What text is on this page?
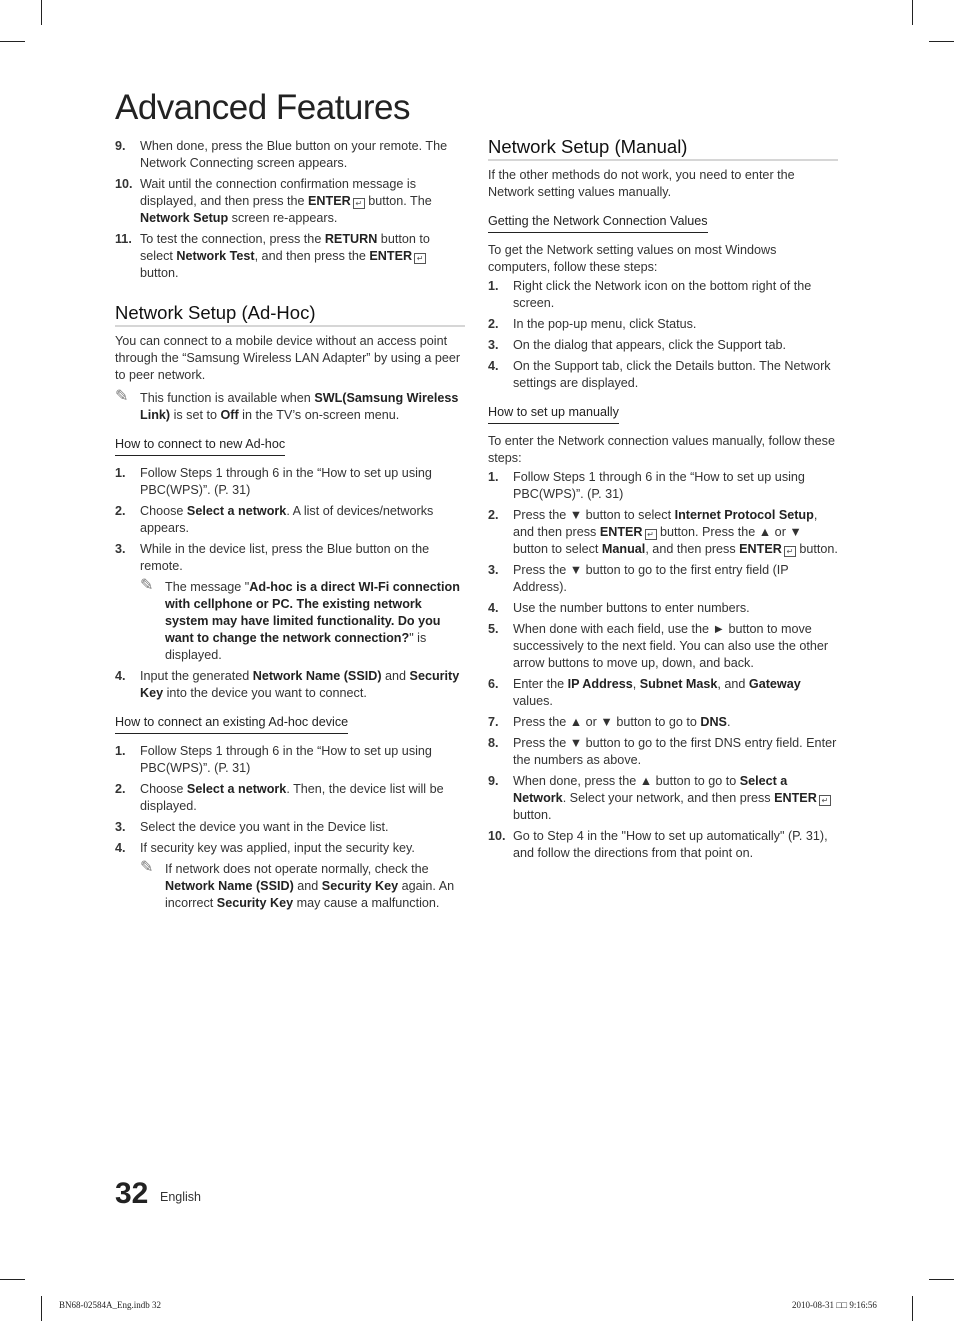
Advanced Features
9. When done, press the Blue button on your remote. The Network Connecting screen appears.
10. Wait until the connection confirmation message is displayed, and then press the ENTER ↵ button. The Network Setup screen re-appears.
11. To test the connection, press the RETURN button to select Network Test, and then press the ENTER ↵ button.
Network Setup (Ad-Hoc)

You can connect to a mobile device without an access point through the “Samsung Wireless LAN Adapter” by using a peer to peer network.

✎ This function is available when SWL(Samsung Wireless Link) is set to Off in the TV’s on-screen menu.
How to connect to new Ad-hoc
1. Follow Steps 1 through 6 in the “How to set up using PBC(WPS)”. (P. 31)
2. Choose Select a network. A list of devices/networks appears.
3. While in the device list, press the Blue button on the remote.
✎ The message "Ad-hoc is a direct WI-Fi connection with cellphone or PC. The existing network system may have limited functionality. Do you want to change the network connection?" is displayed.
4. Input the generated Network Name (SSID) and Security Key into the device you want to connect.
How to connect an existing Ad-hoc device
1. Follow Steps 1 through 6 in the “How to set up using PBC(WPS)”. (P. 31)
2. Choose Select a network. Then, the device list will be displayed.
3. Select the device you want in the Device list.
4. If security key was applied, input the security key.
✎ If network does not operate normally, check the Network Name (SSID) and Security Key again. An incorrect Security Key may cause a malfunction.
Network Setup (Manual)

If the other methods do not work, you need to enter the Network setting values manually.

Getting the Network Connection Values

To get the Network setting values on most Windows computers, follow these steps:

1. Right click the Network icon on the bottom right of the screen.
2. In the pop-up menu, click Status.
3. On the dialog that appears, click the Support tab.
4. On the Support tab, click the Details button. The Network settings are displayed.
How to set up manually

To enter the Network connection values manually, follow these steps:

1. Follow Steps 1 through 6 in the “How to set up using PBC(WPS)”. (P. 31)
2. Press the ▼ button to select Internet Protocol Setup, and then press ENTER ↵ button. Press the ▲ or ▼ button to select Manual, and then press ENTER ↵ button.
3. Press the ▼ button to go to the first entry field (IP Address).
4. Use the number buttons to enter numbers.
5. When done with each field, use the ► button to move successively to the next field. You can also use the other arrow buttons to move up, down, and back.
6. Enter the IP Address, Subnet Mask, and Gateway values.
7. Press the ▲ or ▼ button to go to DNS.
8. Press the ▼ button to go to the first DNS entry field. Enter the numbers as above.
9. When done, press the ▲ button to go to Select a Network. Select your network, and then press ENTER ↵ button.
10. Go to Step 4 in the "How to set up automatically" (P. 31), and follow the directions from that point on.
32 English
BN68-02584A_Eng.indb 32	2010-08-31 □□ 9:16:56
